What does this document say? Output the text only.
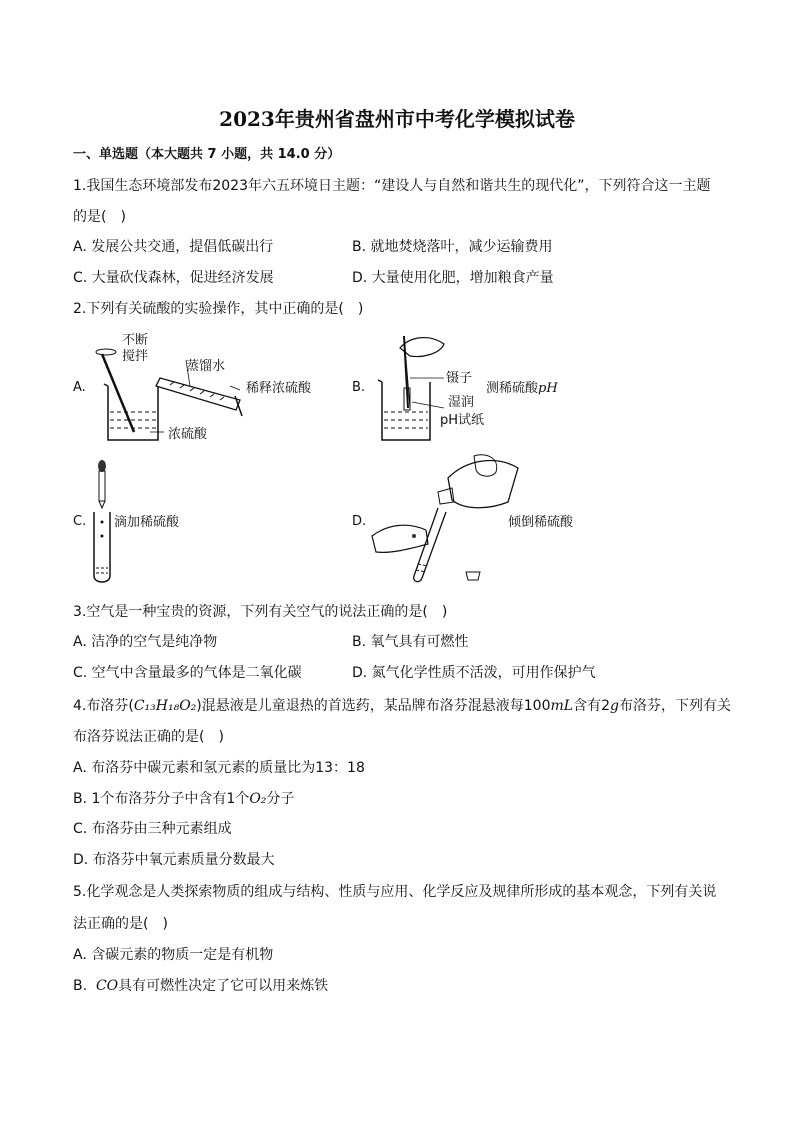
2023年贵州省盘州市中考化学模拟试卷
一、单选题（本大题共 7 小题，共 14.0 分）
1.我国生态环境部发布2023年六五环境日主题：“建设人与自然和谐共生的现代化”，下列符合这一主题
的是(　)
A. 发展公共交通，提倡低碳出行	B. 就地焚烧落叶，减少运输费用
C. 大量砍伐森林，促进经济发展	D. 大量使用化肥，增加粮食产量
2.下列有关硫酸的实验操作，其中正确的是(　)
A.
不断
搅拌
蒸馏水
稀释浓硫酸
浓硫酸
B.
镊子
湿润
pH试纸
测稀硫酸pH
C. 滴加稀硫酸	D.	倾倒稀硫酸
3.空气是一种宝贵的资源，下列有关空气的说法正确的是(　)
A. 洁净的空气是纯净物	B. 氧气具有可燃性
C. 空气中含量最多的气体是二氧化碳	D. 氮气化学性质不活泼，可用作保护气
4.布洛芬(C₁₃H₁₈O₂)混悬液是儿童退热的首选药，某品牌布洛芬混悬液每100mL含有2g布洛芬，下列有关
布洛芬说法正确的是(　)
A. 布洛芬中碳元素和氢元素的质量比为13：18
B. 1个布洛芬分子中含有1个O₂分子
C. 布洛芬由三种元素组成
D. 布洛芬中氧元素质量分数最大
5.化学观念是人类探索物质的组成与结构、性质与应用、化学反应及规律所形成的基本观念，下列有关说
法正确的是(　)
A. 含碳元素的物质一定是有机物
B.  CO具有可燃性决定了它可以用来炼铁
